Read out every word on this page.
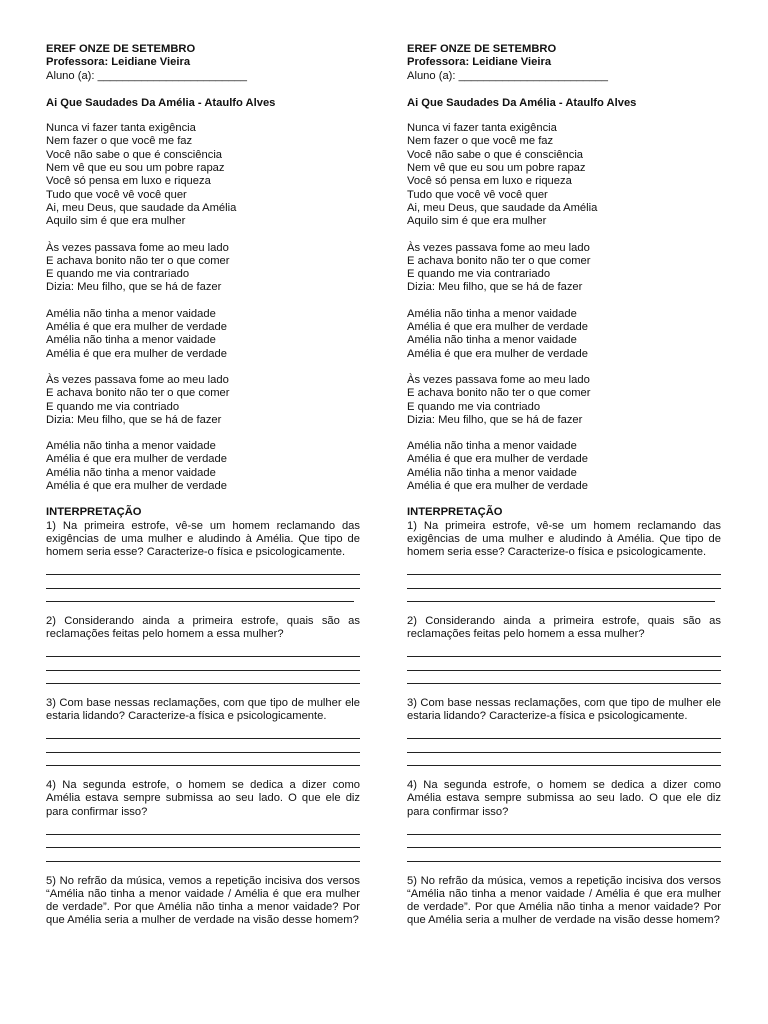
EREF ONZE DE SETEMBRO
Professora: Leidiane Vieira
Aluno (a): ________________________
Ai Que Saudades Da Amélia - Ataulfo Alves
Nunca vi fazer tanta exigência
Nem fazer o que você me faz
Você não sabe o que é consciência
Nem vê que eu sou um pobre rapaz
Você só pensa em luxo e riqueza
Tudo que você vê você quer
Ai, meu Deus, que saudade da Amélia
Aquilo sim é que era mulher
Às vezes passava fome ao meu lado
E achava bonito não ter o que comer
E quando me via contrariado
Dizia: Meu filho, que se há de fazer
Amélia não tinha a menor vaidade
Amélia é que era mulher de verdade
Amélia não tinha a menor vaidade
Amélia é que era mulher de verdade
Às vezes passava fome ao meu lado
E achava bonito não ter o que comer
E quando me via contriado
Dizia: Meu filho, que se há de fazer
Amélia não tinha a menor vaidade
Amélia é que era mulher de verdade
Amélia não tinha a menor vaidade
Amélia é que era mulher de verdade
INTERPRETAÇÃO
1) Na primeira estrofe, vê-se um homem reclamando das exigências de uma mulher e aludindo à Amélia. Que tipo de homem seria esse? Caracterize-o física e psicologicamente.
2) Considerando ainda a primeira estrofe, quais são as reclamações feitas pelo homem a essa mulher?
3) Com base nessas reclamações, com que tipo de mulher ele estaria lidando? Caracterize-a física e psicologicamente.
4) Na segunda estrofe, o homem se dedica a dizer como Amélia estava sempre submissa ao seu lado. O que ele diz para confirmar isso?
5) No refrão da música, vemos a repetição incisiva dos versos “Amélia não tinha a menor vaidade / Amélia é que era mulher de verdade”. Por que Amélia não tinha a menor vaidade? Por que Amélia seria a mulher de verdade na visão desse homem?
EREF ONZE DE SETEMBRO
Professora: Leidiane Vieira
Aluno (a): ________________________
Ai Que Saudades Da Amélia - Ataulfo Alves
Nunca vi fazer tanta exigência
Nem fazer o que você me faz
Você não sabe o que é consciência
Nem vê que eu sou um pobre rapaz
Você só pensa em luxo e riqueza
Tudo que você vê você quer
Ai, meu Deus, que saudade da Amélia
Aquilo sim é que era mulher
Às vezes passava fome ao meu lado
E achava bonito não ter o que comer
E quando me via contrariado
Dizia: Meu filho, que se há de fazer
Amélia não tinha a menor vaidade
Amélia é que era mulher de verdade
Amélia não tinha a menor vaidade
Amélia é que era mulher de verdade
Às vezes passava fome ao meu lado
E achava bonito não ter o que comer
E quando me via contriado
Dizia: Meu filho, que se há de fazer
Amélia não tinha a menor vaidade
Amélia é que era mulher de verdade
Amélia não tinha a menor vaidade
Amélia é que era mulher de verdade
INTERPRETAÇÃO
1) Na primeira estrofe, vê-se um homem reclamando das exigências de uma mulher e aludindo à Amélia. Que tipo de homem seria esse? Caracterize-o física e psicologicamente.
2) Considerando ainda a primeira estrofe, quais são as reclamações feitas pelo homem a essa mulher?
3) Com base nessas reclamações, com que tipo de mulher ele estaria lidando? Caracterize-a física e psicologicamente.
4) Na segunda estrofe, o homem se dedica a dizer como Amélia estava sempre submissa ao seu lado. O que ele diz para confirmar isso?
5) No refrão da música, vemos a repetição incisiva dos versos “Amélia não tinha a menor vaidade / Amélia é que era mulher de verdade”. Por que Amélia não tinha a menor vaidade? Por que Amélia seria a mulher de verdade na visão desse homem?
